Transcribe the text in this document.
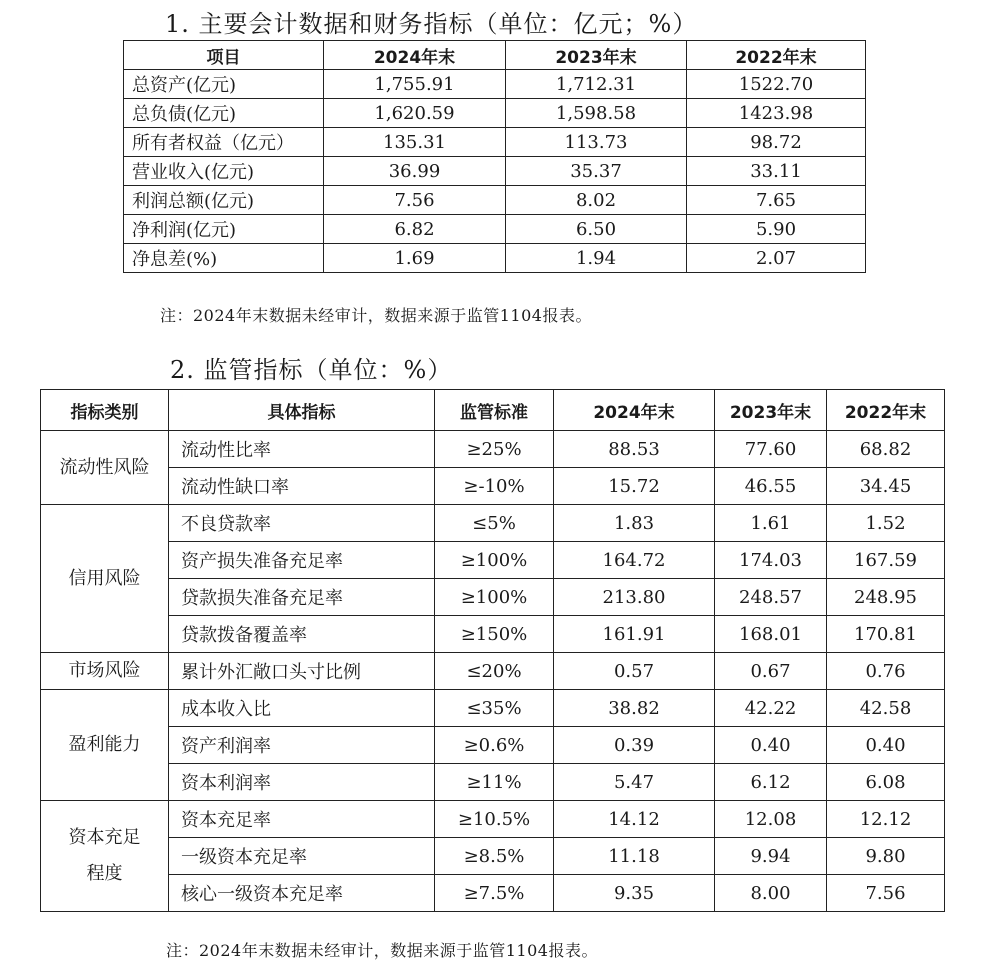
1. 主要会计数据和财务指标（单位：亿元；%）
项目	2024年末	2023年末	2022年末
总资产(亿元)	1,755.91	1,712.31	1522.70
总负债(亿元)	1,620.59	1,598.58	1423.98
所有者权益（亿元）	135.31	113.73	98.72
营业收入(亿元)	36.99	35.37	33.11
利润总额(亿元)	7.56	8.02	7.65
净利润(亿元)	6.82	6.50	5.90
净息差(%)	1.69	1.94	2.07
注：2024年末数据未经审计，数据来源于监管1104报表。
2. 监管指标（单位：%）
指标类别	具体指标	监管标准	2024年末	2023年末	2022年末
流动性风险	流动性比率	≥25%	88.53	77.60	68.82
	流动性缺口率	≥-10%	15.72	46.55	34.45
信用风险	不良贷款率	≤5%	1.83	1.61	1.52
	资产损失准备充足率	≥100%	164.72	174.03	167.59
	贷款损失准备充足率	≥100%	213.80	248.57	248.95
	贷款拨备覆盖率	≥150%	161.91	168.01	170.81
市场风险	累计外汇敞口头寸比例	≤20%	0.57	0.67	0.76
盈利能力	成本收入比	≤35%	38.82	42.22	42.58
	资产利润率	≥0.6%	0.39	0.40	0.40
	资本利润率	≥11%	5.47	6.12	6.08

资本充足
程度	资本充足率	≥10.5%	14.12	12.08	12.12
	一级资本充足率	≥8.5%	11.18	9.94	9.80
	核心一级资本充足率	≥7.5%	9.35	8.00	7.56
注：2024年末数据未经审计，数据来源于监管1104报表。
